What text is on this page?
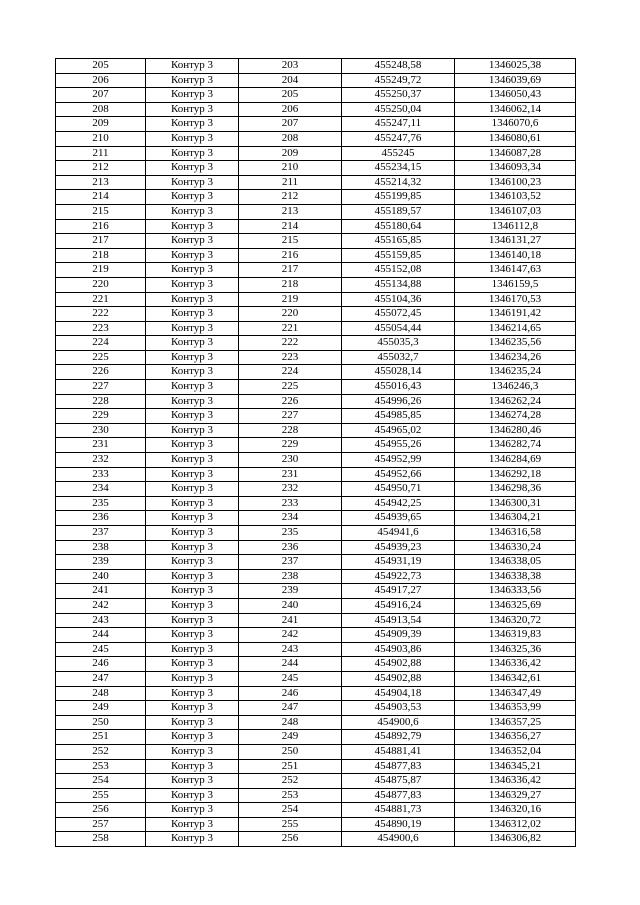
205	Контур 3	203	455248,58	1346025,38
206	Контур 3	204	455249,72	1346039,69
207	Контур 3	205	455250,37	1346050,43
208	Контур 3	206	455250,04	1346062,14
209	Контур 3	207	455247,11	1346070,6
210	Контур 3	208	455247,76	1346080,61
211	Контур 3	209	455245	1346087,28
212	Контур 3	210	455234,15	1346093,34
213	Контур 3	211	455214,32	1346100,23
214	Контур 3	212	455199,85	1346103,52
215	Контур 3	213	455189,57	1346107,03
216	Контур 3	214	455180,64	1346112,8
217	Контур 3	215	455165,85	1346131,27
218	Контур 3	216	455159,85	1346140,18
219	Контур 3	217	455152,08	1346147,63
220	Контур 3	218	455134,88	1346159,5
221	Контур 3	219	455104,36	1346170,53
222	Контур 3	220	455072,45	1346191,42
223	Контур 3	221	455054,44	1346214,65
224	Контур 3	222	455035,3	1346235,56
225	Контур 3	223	455032,7	1346234,26
226	Контур 3	224	455028,14	1346235,24
227	Контур 3	225	455016,43	1346246,3
228	Контур 3	226	454996,26	1346262,24
229	Контур 3	227	454985,85	1346274,28
230	Контур 3	228	454965,02	1346280,46
231	Контур 3	229	454955,26	1346282,74
232	Контур 3	230	454952,99	1346284,69
233	Контур 3	231	454952,66	1346292,18
234	Контур 3	232	454950,71	1346298,36
235	Контур 3	233	454942,25	1346300,31
236	Контур 3	234	454939,65	1346304,21
237	Контур 3	235	454941,6	1346316,58
238	Контур 3	236	454939,23	1346330,24
239	Контур 3	237	454931,19	1346338,05
240	Контур 3	238	454922,73	1346338,38
241	Контур 3	239	454917,27	1346333,56
242	Контур 3	240	454916,24	1346325,69
243	Контур 3	241	454913,54	1346320,72
244	Контур 3	242	454909,39	1346319,83
245	Контур 3	243	454903,86	1346325,36
246	Контур 3	244	454902,88	1346336,42
247	Контур 3	245	454902,88	1346342,61
248	Контур 3	246	454904,18	1346347,49
249	Контур 3	247	454903,53	1346353,99
250	Контур 3	248	454900,6	1346357,25
251	Контур 3	249	454892,79	1346356,27
252	Контур 3	250	454881,41	1346352,04
253	Контур 3	251	454877,83	1346345,21
254	Контур 3	252	454875,87	1346336,42
255	Контур 3	253	454877,83	1346329,27
256	Контур 3	254	454881,73	1346320,16
257	Контур 3	255	454890,19	1346312,02
258	Контур 3	256	454900,6	1346306,82
